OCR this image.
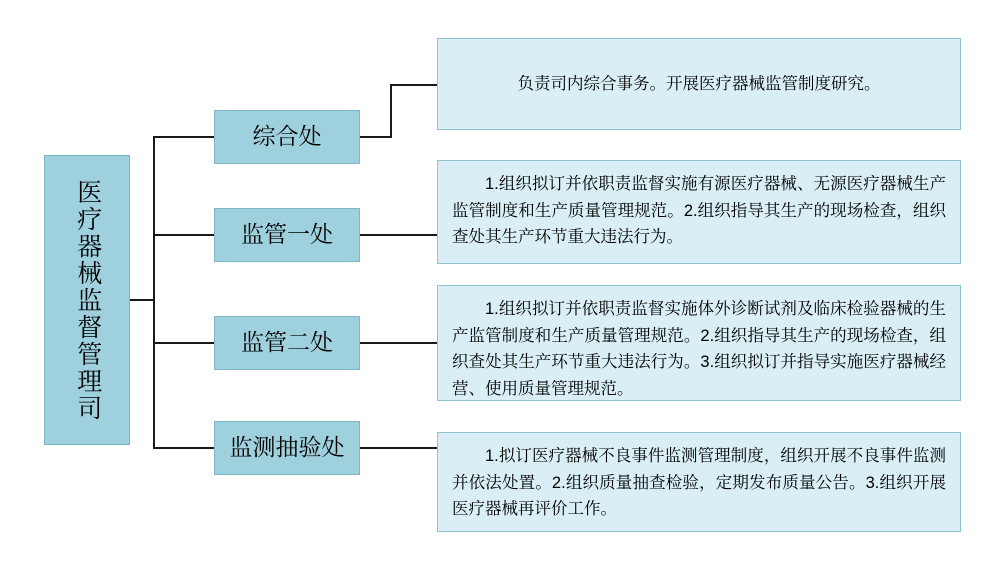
医疗器械监督管理司
综合处
监管一处
监管二处
监测抽验处
负责司内综合事务。开展医疗器械监管制度研究。
1.组织拟订并依职责监督实施有源医疗器械、无源医疗器械生产监管制度和生产质量管理规范。2.组织指导其生产的现场检查，组织查处其生产环节重大违法行为。
1.组织拟订并依职责监督实施体外诊断试剂及临床检验器械的生产监管制度和生产质量管理规范。2.组织指导其生产的现场检查，组织查处其生产环节重大违法行为。3.组织拟订并指导实施医疗器械经营、使用质量管理规范。
1.拟订医疗器械不良事件监测管理制度，组织开展不良事件监测并依法处置。2.组织质量抽查检验，定期发布质量公告。3.组织开展医疗器械再评价工作。
